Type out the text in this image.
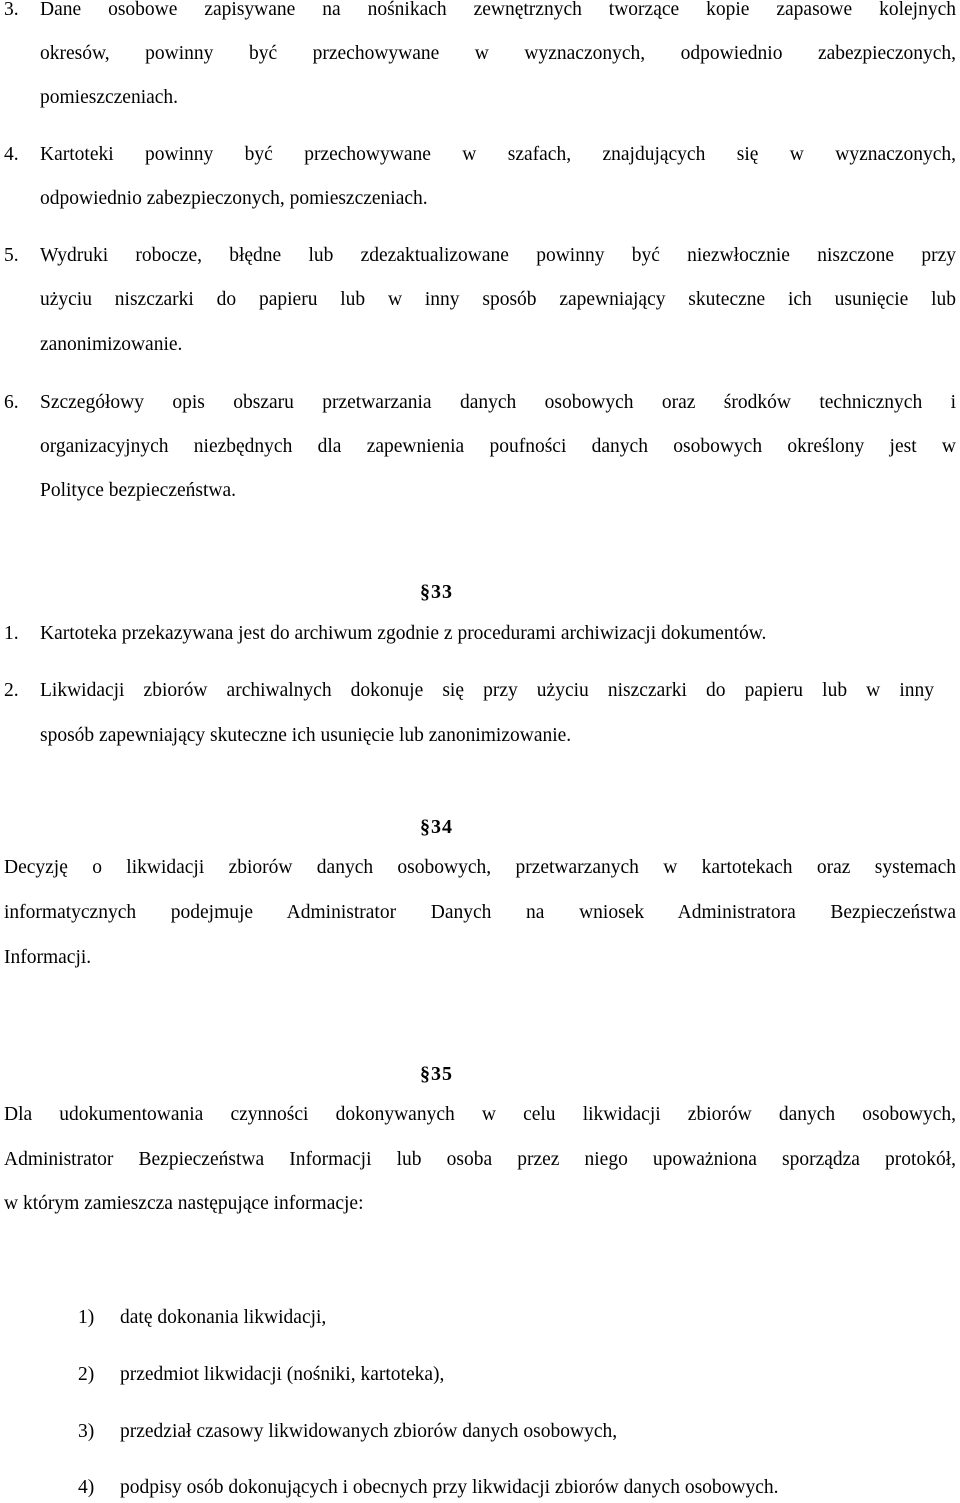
3. Dane osobowe zapisywane na nośnikach zewnętrznych tworzące kopie zapasowe kolejnych
okresów, powinny być przechowywane w wyznaczonych, odpowiednio zabezpieczonych,
pomieszczeniach.
4. Kartoteki powinny być przechowywane w szafach, znajdujących się w wyznaczonych,
odpowiednio zabezpieczonych, pomieszczeniach.
5. Wydruki robocze, błędne lub zdezaktualizowane powinny być niezwłocznie niszczone przy
użyciu niszczarki do papieru lub w inny sposób zapewniający skuteczne ich usunięcie lub
zanonimizowanie.
6. Szczegółowy opis obszaru przetwarzania danych osobowych oraz środków technicznych i
organizacyjnych niezbędnych dla zapewnienia poufności danych osobowych określony jest w
Polityce bezpieczeństwa.
§33
1. Kartoteka przekazywana jest do archiwum zgodnie z procedurami archiwizacji dokumentów.
2. Likwidacji zbiorów archiwalnych dokonuje się przy użyciu niszczarki do papieru lub w inny
sposób zapewniający skuteczne ich usunięcie lub zanonimizowanie.
§34
Decyzję o likwidacji zbiorów danych osobowych, przetwarzanych w kartotekach oraz systemach
informatycznych podejmuje Administrator Danych na wniosek Administratora Bezpieczeństwa
Informacji.
§35
Dla udokumentowania czynności dokonywanych w celu likwidacji zbiorów danych osobowych,
Administrator Bezpieczeństwa Informacji lub osoba przez niego upoważniona sporządza protokół,
w którym zamieszcza następujące informacje:
1) datę dokonania likwidacji,
2) przedmiot likwidacji (nośniki, kartoteka),
3) przedział czasowy likwidowanych zbiorów danych osobowych,
4) podpisy osób dokonujących i obecnych przy likwidacji zbiorów danych osobowych.
